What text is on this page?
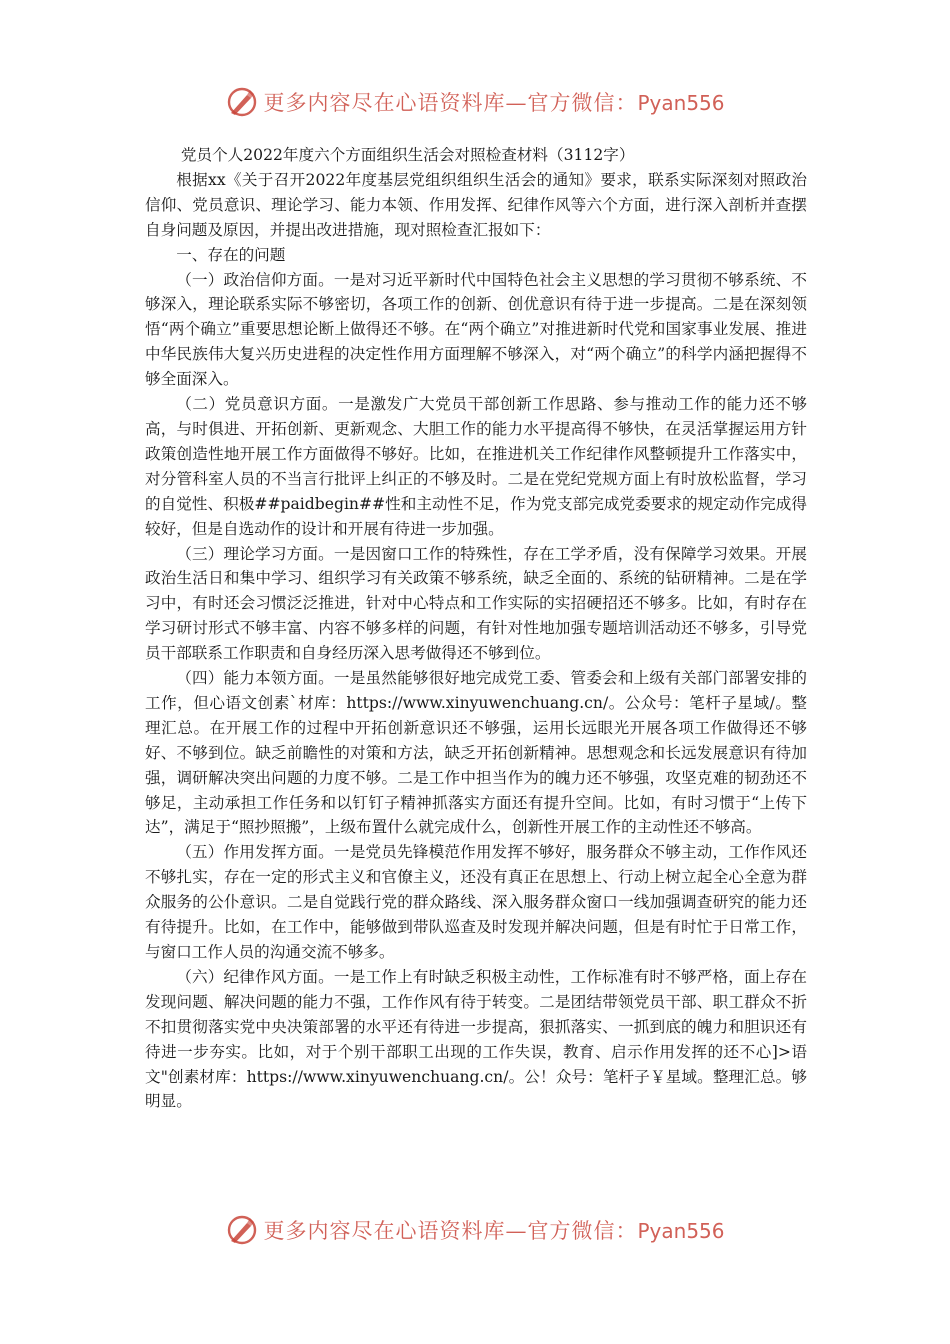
更多内容尽在心语资料库—官方微信：Pyan556

党员个人2022年度六个方面组织生活会对照检查材料（3112字）

根据xx《关于召开2022年度基层党组织组织生活会的通知》要求，联系实际深刻对照政治信仰、党员意识、理论学习、能力本领、作用发挥、纪律作风等六个方面，进行深入剖析并查摆自身问题及原因，并提出改进措施，现对照检查汇报如下：

一、存在的问题

（一）政治信仰方面。一是对习近平新时代中国特色社会主义思想的学习贯彻不够系统、不够深入，理论联系实际不够密切，各项工作的创新、创优意识有待于进一步提高。二是在深刻领悟“两个确立”重要思想论断上做得还不够。在“两个确立”对推进新时代党和国家事业发展、推进中华民族伟大复兴历史进程的决定性作用方面理解不够深入，对“两个确立”的科学内涵把握得不够全面深入。

（二）党员意识方面。一是激发广大党员干部创新工作思路、参与推动工作的能力还不够高，与时俱进、开拓创新、更新观念、大胆工作的能力水平提高得不够快，在灵活掌握运用方针政策创造性地开展工作方面做得不够好。比如，在推进机关工作纪律作风整顿提升工作落实中，对分管科室人员的不当言行批评上纠正的不够及时。二是在党纪党规方面上有时放松监督，学习的自觉性、积极##paidbegin##性和主动性不足，作为党支部完成党委要求的规定动作完成得较好，但是自选动作的设计和开展有待进一步加强。

（三）理论学习方面。一是因窗口工作的特殊性，存在工学矛盾，没有保障学习效果。开展政治生活日和集中学习、组织学习有关政策不够系统，缺乏全面的、系统的钻研精神。二是在学习中，有时还会习惯泛泛推进，针对中心特点和工作实际的实招硬招还不够多。比如，有时存在学习研讨形式不够丰富、内容不够多样的问题，有针对性地加强专题培训活动还不够多，引导党员干部联系工作职责和自身经历深入思考做得还不够到位。

（四）能力本领方面。一是虽然能够很好地完成党工委、管委会和上级有关部门部署安排的工作，但心语文创素`材库：https://www.xinyuwenchuang.cn/。公众号：笔杆子星域/。整理汇总。在开展工作的过程中开拓创新意识还不够强，运用长远眼光开展各项工作做得还不够好、不够到位。缺乏前瞻性的对策和方法，缺乏开拓创新精神。思想观念和长远发展意识有待加强，调研解决突出问题的力度不够。二是工作中担当作为的魄力还不够强，攻坚克难的韧劲还不够足，主动承担工作任务和以钉钉子精神抓落实方面还有提升空间。比如，有时习惯于“上传下达”，满足于“照抄照搬”，上级布置什么就完成什么，创新性开展工作的主动性还不够高。

（五）作用发挥方面。一是党员先锋模范作用发挥不够好，服务群众不够主动，工作作风还不够扎实，存在一定的形式主义和官僚主义，还没有真正在思想上、行动上树立起全心全意为群众服务的公仆意识。二是自觉践行党的群众路线、深入服务群众窗口一线加强调查研究的能力还有待提升。比如，在工作中，能够做到带队巡查及时发现并解决问题，但是有时忙于日常工作，与窗口工作人员的沟通交流不够多。

（六）纪律作风方面。一是工作上有时缺乏积极主动性，工作标准有时不够严格，面上存在发现问题、解决问题的能力不强，工作作风有待于转变。二是团结带领党员干部、职工群众不折不扣贯彻落实党中央决策部署的水平还有待进一步提高，狠抓落实、一抓到底的魄力和胆识还有待进一步夯实。比如，对于个别干部职工出现的工作失误，教育、启示作用发挥的还不心]>语文"创素材库：https://www.xinyuwenchuang.cn/。公！众号：笔杆子￥星域。整理汇总。够明显。

更多内容尽在心语资料库—官方微信：Pyan556
